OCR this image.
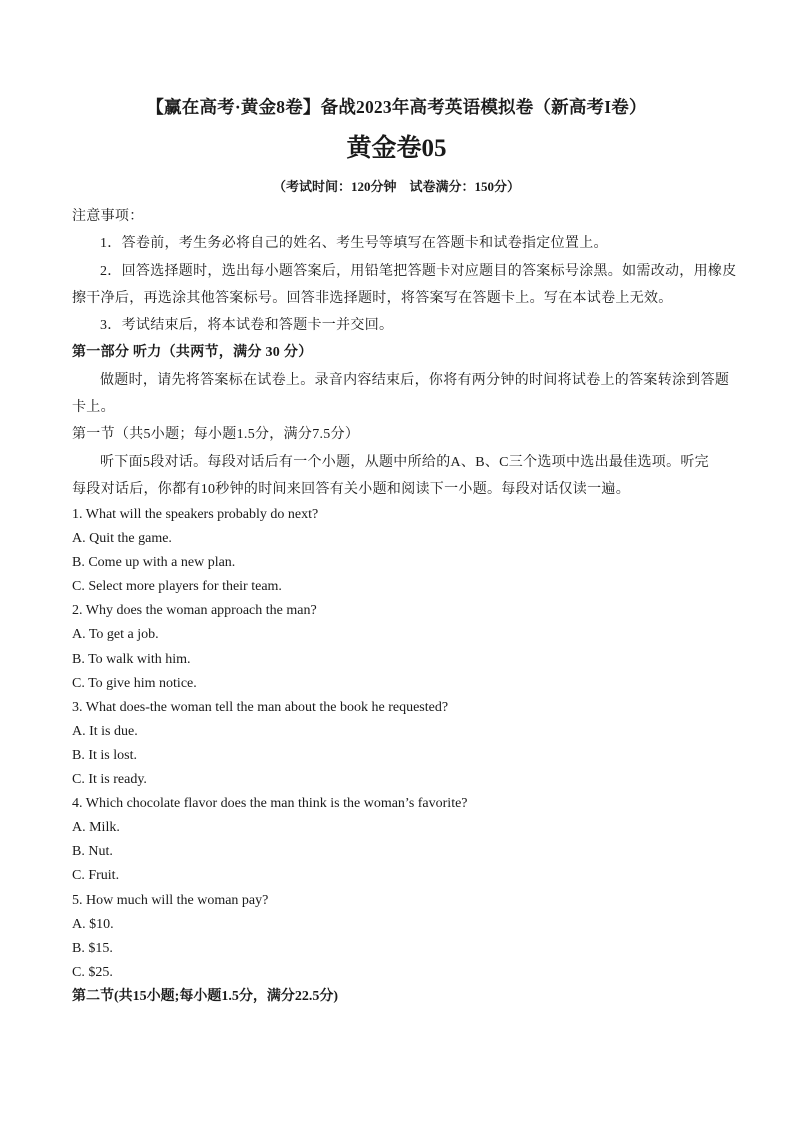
【赢在高考·黄金8卷】备战2023年高考英语模拟卷（新高考I卷）
黄金卷05
（考试时间：120分钟　试卷满分：150分）
注意事项：
1．答卷前，考生务必将自己的姓名、考生号等填写在答题卡和试卷指定位置上。
2．回答选择题时，选出每小题答案后，用铅笔把答题卡对应题目的答案标号涂黑。如需改动，用橡皮
擦干净后，再选涂其他答案标号。回答非选择题时，将答案写在答题卡上。写在本试卷上无效。
3．考试结束后，将本试卷和答题卡一并交回。
第一部分 听力（共两节，满分 30 分）
做题时，请先将答案标在试卷上。录音内容结束后，你将有两分钟的时间将试卷上的答案转涂到答题
卡上。
第一节（共5小题；每小题1.5分，满分7.5分）
听下面5段对话。每段对话后有一个小题，从题中所给的A、B、C三个选项中选出最佳选项。听完
每段对话后，你都有10秒钟的时间来回答有关小题和阅读下一小题。每段对话仅读一遍。
1. What will the speakers probably do next?
A. Quit the game.
B. Come up with a new plan.
C. Select more players for their team.
2. Why does the woman approach the man?
A. To get a job.
B. To walk with him.
C. To give him notice.
3. What does-the woman tell the man about the book he requested?
A. It is due.
B. It is lost.
C. It is ready.
4. Which chocolate flavor does the man think is the woman’s favorite?
A. Milk.
B. Nut.
C. Fruit.
5. How much will the woman pay?
A. $10.
B. $15.
C. $25.
第二节(共15小题;每小题1.5分，满分22.5分)
